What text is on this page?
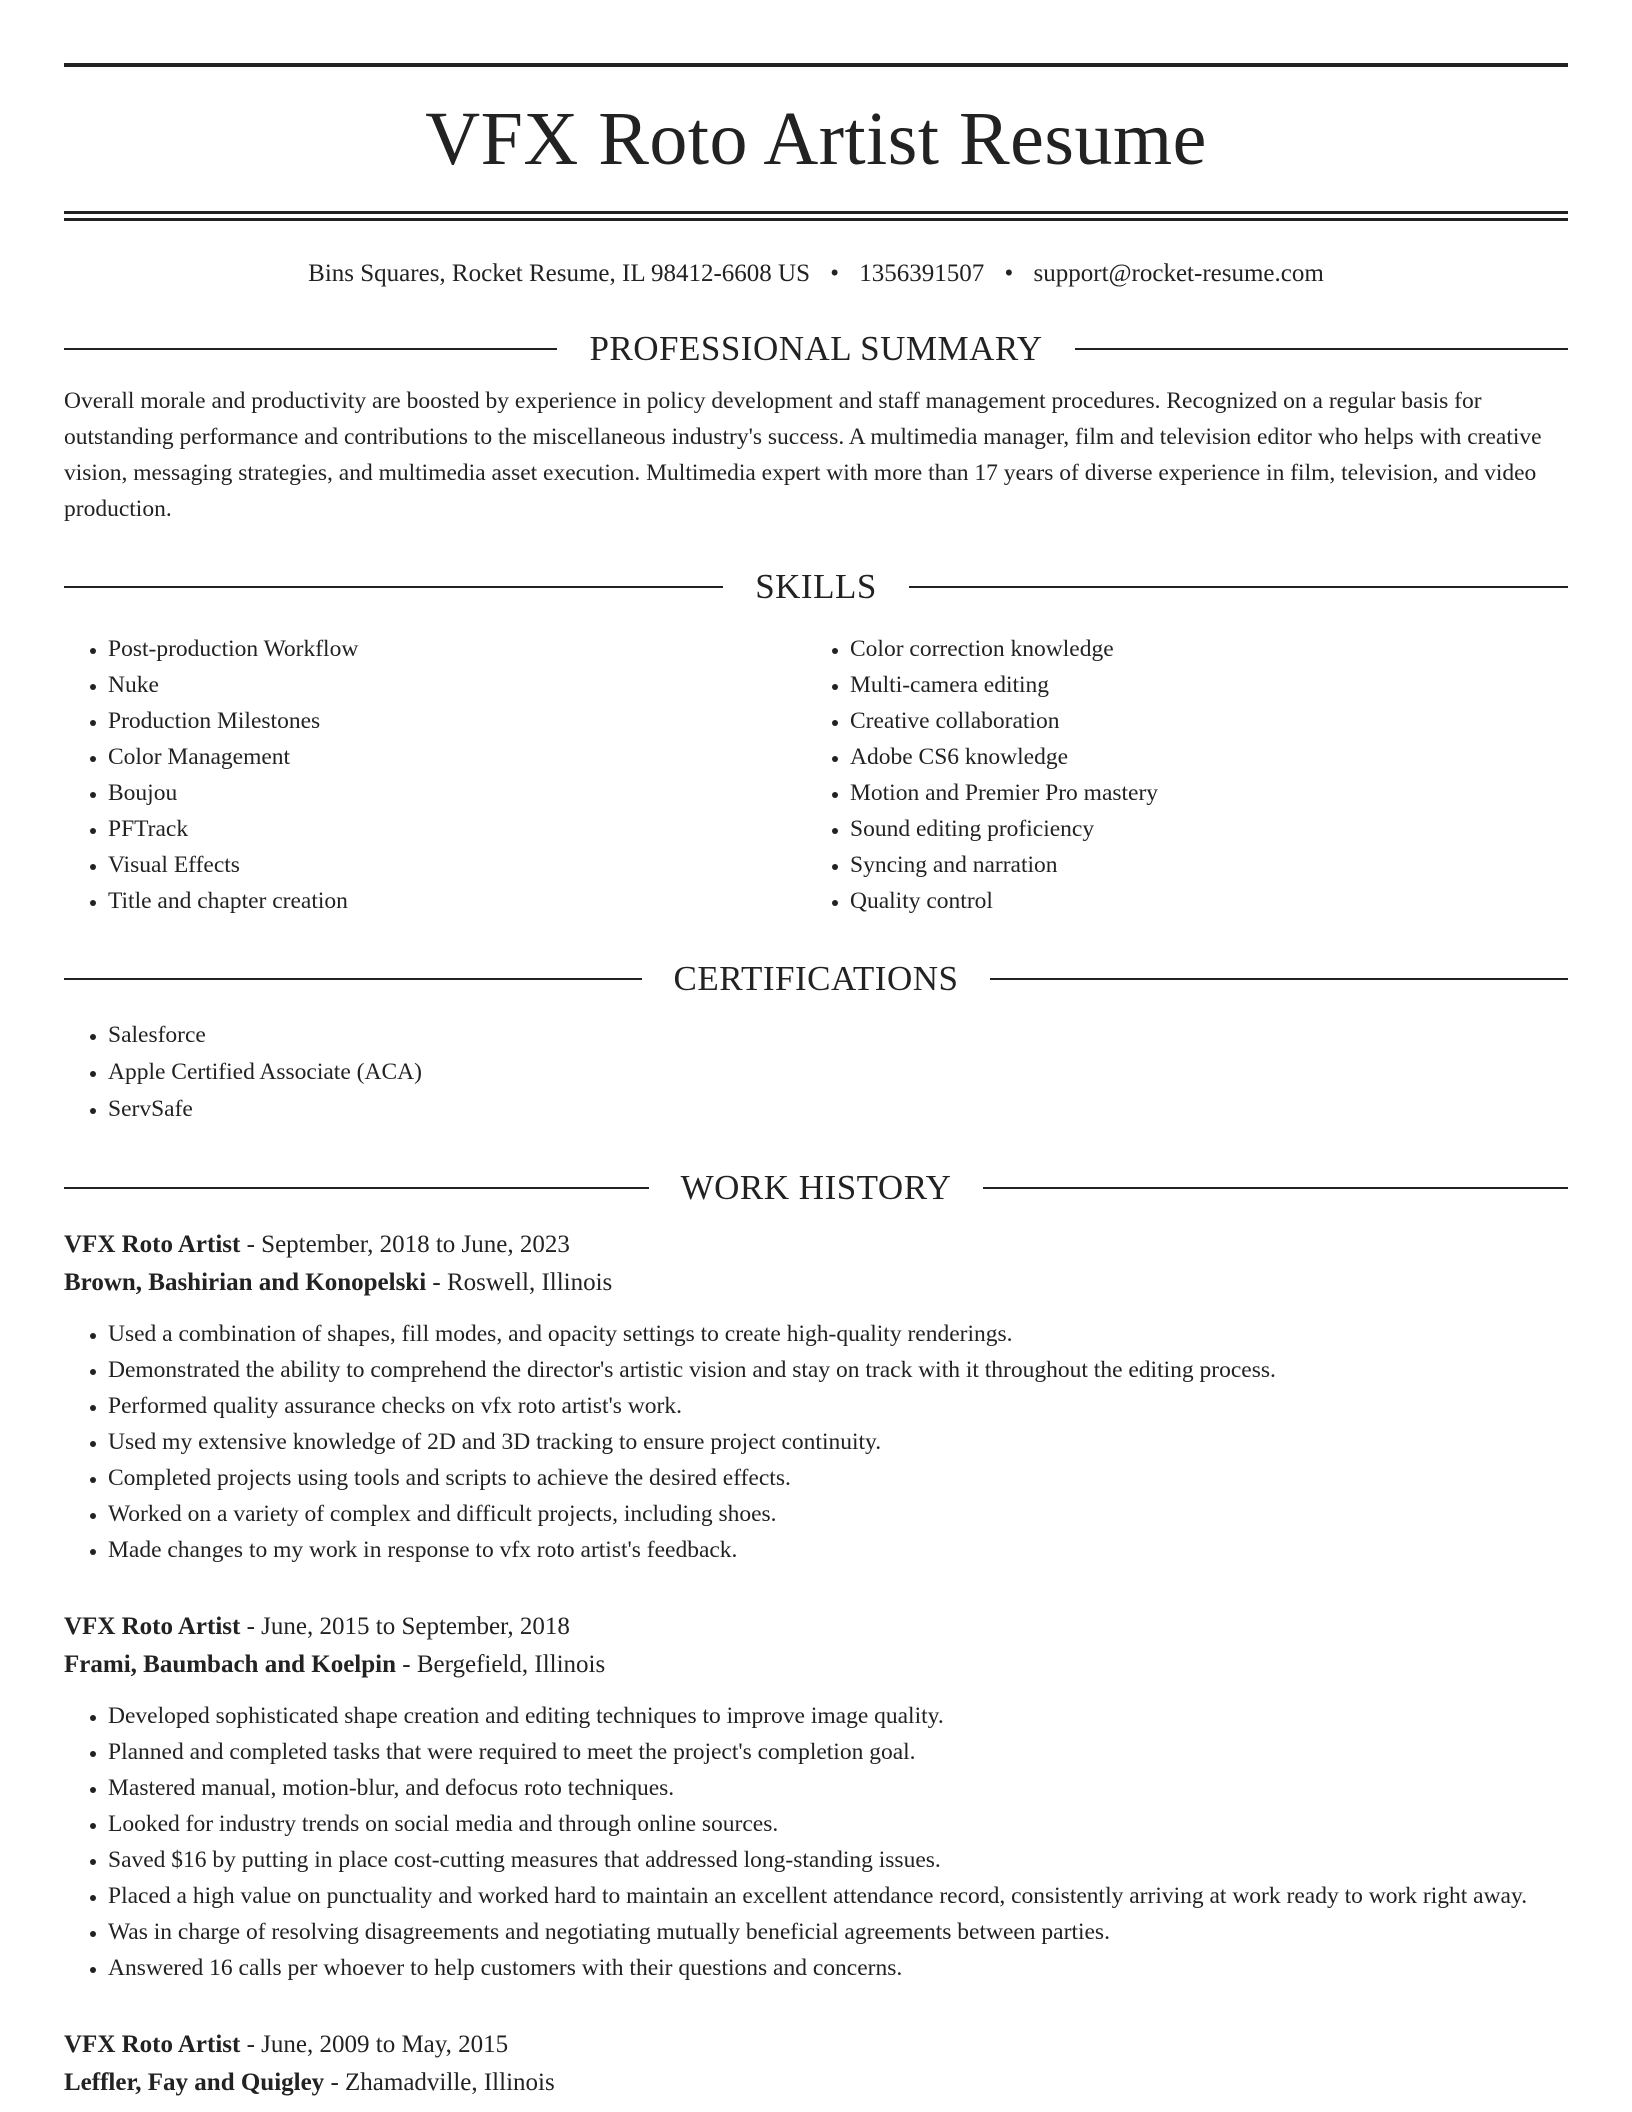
VFX Roto Artist Resume
Bins Squares, Rocket Resume, IL 98412-6608 US • 1356391507 • support@rocket-resume.com
PROFESSIONAL SUMMARY
Overall morale and productivity are boosted by experience in policy development and staff management procedures. Recognized on a regular basis for outstanding performance and contributions to the miscellaneous industry's success. A multimedia manager, film and television editor who helps with creative vision, messaging strategies, and multimedia asset execution. Multimedia expert with more than 17 years of diverse experience in film, television, and video production.
SKILLS
• Post-production Workflow
• Nuke
• Production Milestones
• Color Management
• Boujou
• PFTrack
• Visual Effects
• Title and chapter creation
• Color correction knowledge
• Multi-camera editing
• Creative collaboration
• Adobe CS6 knowledge
• Motion and Premier Pro mastery
• Sound editing proficiency
• Syncing and narration
• Quality control
CERTIFICATIONS
• Salesforce
• Apple Certified Associate (ACA)
• ServSafe
WORK HISTORY
VFX Roto Artist - September, 2018 to June, 2023
Brown, Bashirian and Konopelski - Roswell, Illinois
• Used a combination of shapes, fill modes, and opacity settings to create high-quality renderings.
• Demonstrated the ability to comprehend the director's artistic vision and stay on track with it throughout the editing process.
• Performed quality assurance checks on vfx roto artist's work.
• Used my extensive knowledge of 2D and 3D tracking to ensure project continuity.
• Completed projects using tools and scripts to achieve the desired effects.
• Worked on a variety of complex and difficult projects, including shoes.
• Made changes to my work in response to vfx roto artist's feedback.
VFX Roto Artist - June, 2015 to September, 2018
Frami, Baumbach and Koelpin - Bergefield, Illinois
• Developed sophisticated shape creation and editing techniques to improve image quality.
• Planned and completed tasks that were required to meet the project's completion goal.
• Mastered manual, motion-blur, and defocus roto techniques.
• Looked for industry trends on social media and through online sources.
• Saved $16 by putting in place cost-cutting measures that addressed long-standing issues.
• Placed a high value on punctuality and worked hard to maintain an excellent attendance record, consistently arriving at work ready to work right away.
• Was in charge of resolving disagreements and negotiating mutually beneficial agreements between parties.
• Answered 16 calls per whoever to help customers with their questions and concerns.
VFX Roto Artist - June, 2009 to May, 2015
Leffler, Fay and Quigley - Zhamadville, Illinois
